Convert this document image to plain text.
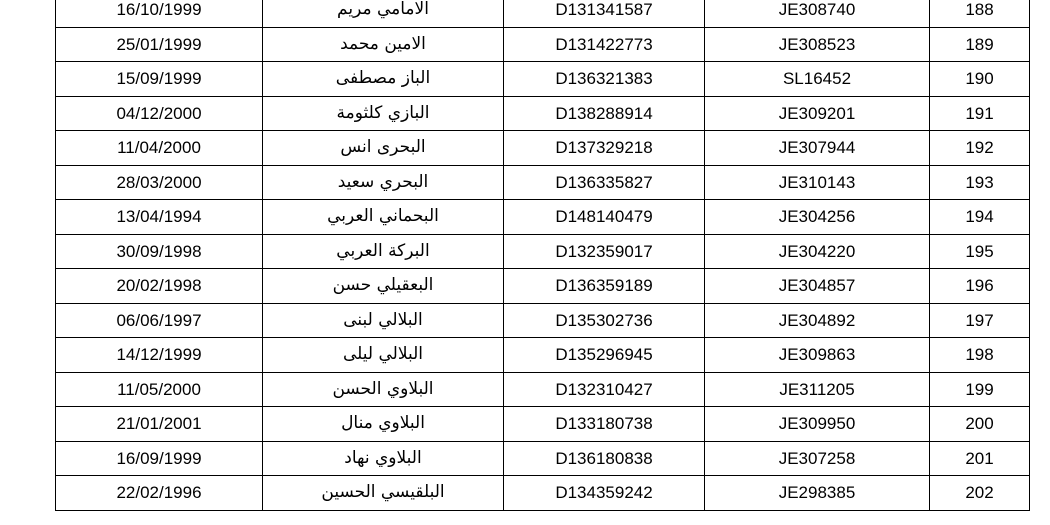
16/10/1999	الامامي مريم	D131341587	JE308740	188
25/01/1999	الامين محمد	D131422773	JE308523	189
15/09/1999	الباز مصطفى	D136321383	SL16452	190
04/12/2000	البازي كلثومة	D138288914	JE309201	191
11/04/2000	البحرى انس	D137329218	JE307944	192
28/03/2000	البحري سعيد	D136335827	JE310143	193
13/04/1994	البحماني العربي	D148140479	JE304256	194
30/09/1998	البركة العربي	D132359017	JE304220	195
20/02/1998	البعقيلي حسن	D136359189	JE304857	196
06/06/1997	البلالي لبنى	D135302736	JE304892	197
14/12/1999	البلالي ليلى	D135296945	JE309863	198
11/05/2000	البلاوي الحسن	D132310427	JE311205	199
21/01/2001	البلاوي منال	D133180738	JE309950	200
16/09/1999	البلاوي نهاد	D136180838	JE307258	201
22/02/1996	البلقيسي الحسين	D134359242	JE298385	202
